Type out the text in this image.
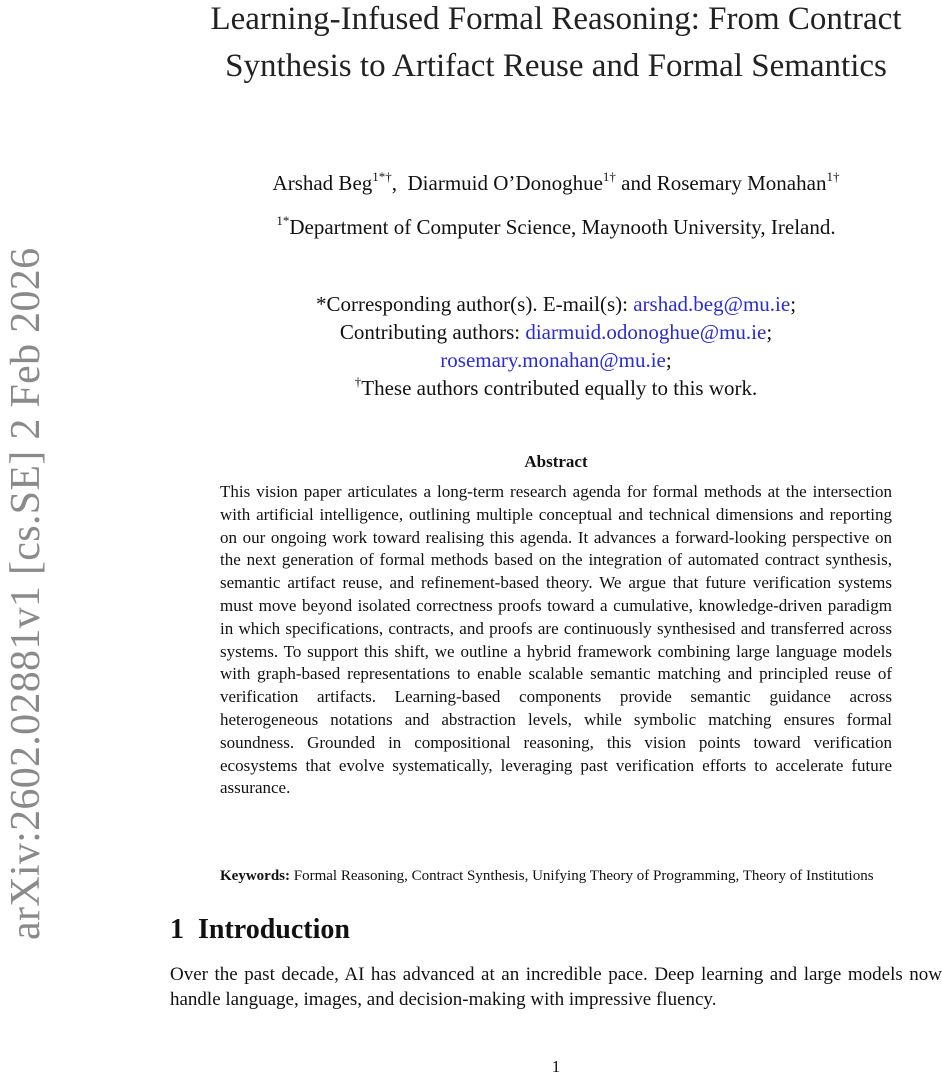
arXiv:2602.02881v1 [cs.SE] 2 Feb 2026
Learning-Infused Formal Reasoning: From Contract Synthesis to Artifact Reuse and Formal Semantics
Arshad Beg$^{1*\dagger}$,  Diarmuid O’Donoghue$^{1\dagger}$ and Rosemary Monahan$^{1\dagger}$
$^{1*}$Department of Computer Science, Maynooth University, Ireland.
*Corresponding author(s). E-mail(s): arshad.beg@mu.ie;
Contributing authors: diarmuid.odonoghue@mu.ie;
rosemary.monahan@mu.ie;
†These authors contributed equally to this work.
Abstract
This vision paper articulates a long-term research agenda for formal methods at the intersection with artificial intelligence, outlining multiple conceptual and technical dimensions and reporting on our ongoing work toward realising this agenda. It advances a forward-looking perspective on the next generation of formal methods based on the integration of automated contract synthesis, semantic artifact reuse, and refinement-based theory. We argue that future verification systems must move beyond isolated correctness proofs toward a cumulative, knowledge-driven paradigm in which specifications, contracts, and proofs are continuously synthesised and transferred across systems. To support this shift, we outline a hybrid framework combining large language models with graph-based representations to enable scalable semantic matching and principled reuse of verification artifacts. Learning-based components provide semantic guidance across heterogeneous notations and abstraction levels, while symbolic matching ensures formal soundness. Grounded in compositional reasoning, this vision points toward verification ecosystems that evolve systematically, leveraging past verification efforts to accelerate future assurance.
Keywords: Formal Reasoning, Contract Synthesis, Unifying Theory of Programming, Theory of Institutions
1 Introduction

Over the past decade, AI has advanced at an incredible pace. Deep learning and large models now handle language, images, and decision-making with impressive fluency.

1
